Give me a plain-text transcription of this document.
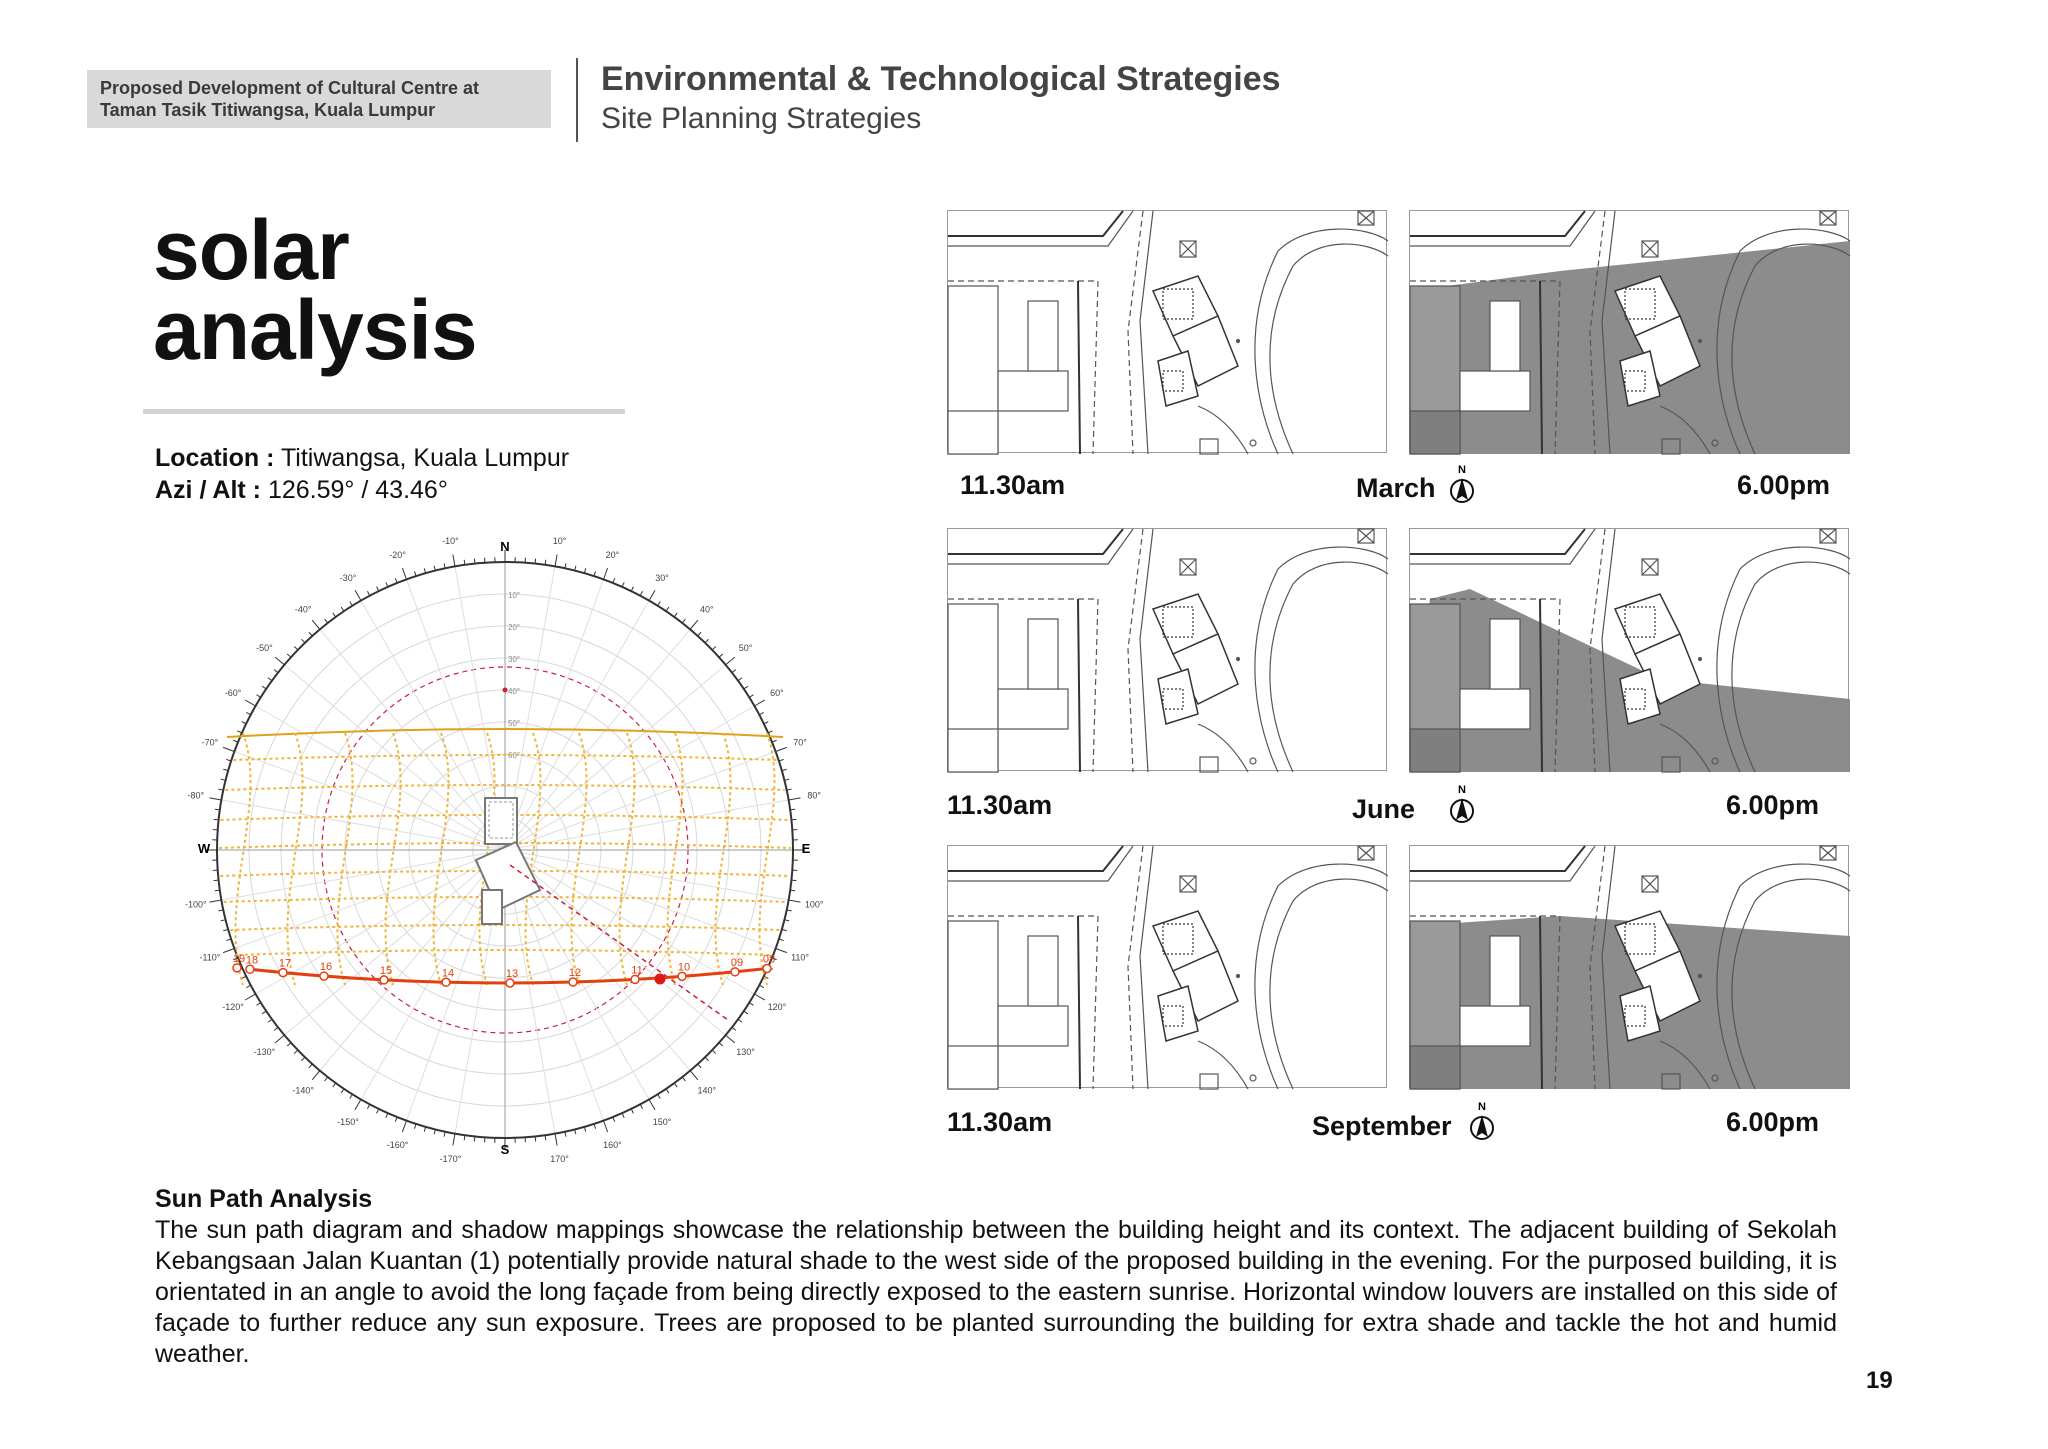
Proposed Development of Cultural Centre at
Taman Tasik Titiwangsa, Kuala Lumpur
Environmental & Technological Strategies
Site Planning Strategies
solar
analysis
Location : Titiwangsa, Kuala Lumpur
Azi / Alt : 126.59° / 43.46°
10°
20°
30°
40°
50°
60°
70°
80°
100°
110°
120°
130°
140°
150°
160°
170°
-10°
-20°
-30°
-40°
-50°
-60°
-70°
-80°
-100°
-110°
-120°
-130°
-140°
-150°
-160°
-170°
10°
20°
30°
40°
50°
60°
19 18 17	16	15	14	13	12	11	10	09 08
N
S
E
W
11.30am	March
N	6.00pm
11.30am	June
N	6.00pm
11.30am	September
N	6.00pm
Sun Path Analysis
The sun path diagram and shadow mappings showcase the relationship between the building height and its context. The adjacent building of Sekolah Kebangsaan Jalan Kuantan (1) potentially provide natural shade to the west side of the proposed building in the evening. For the purposed building, it is orientated in an angle to avoid the long façade from being directly exposed to the eastern sunrise. Horizontal window louvers are installed on this side of façade to further reduce any sun exposure. Trees are proposed to be planted surrounding the building for extra shade and tackle the hot and humid weather.
19
